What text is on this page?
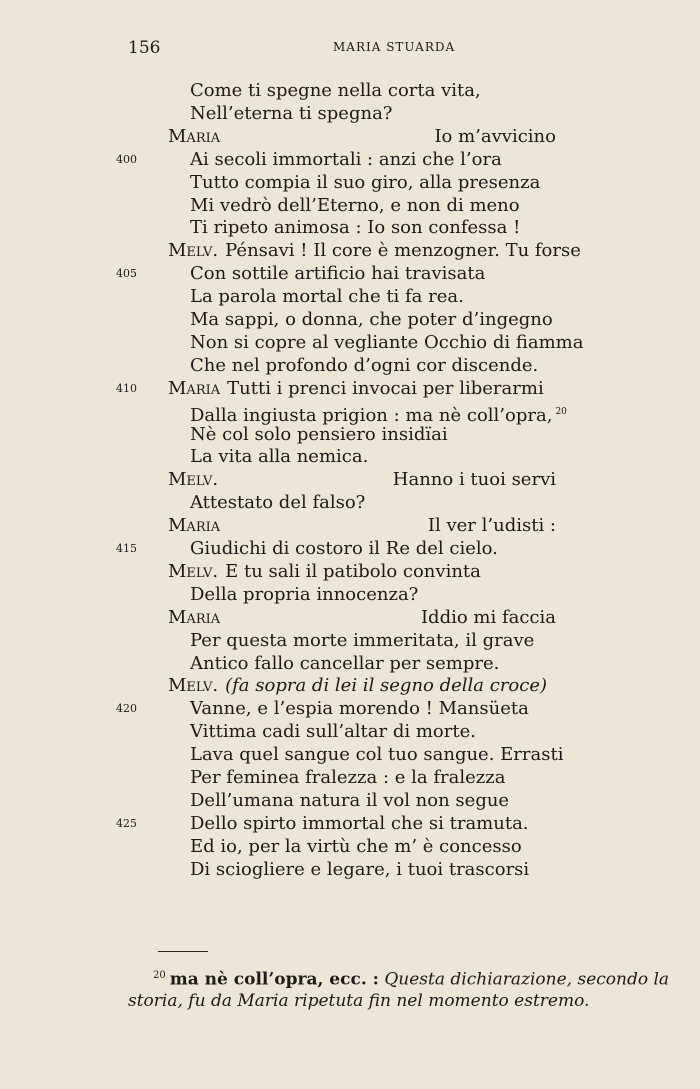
156	MARIA STUARDA
Come ti spegne nella corta vita,
Nell’eterna ti spegna?
Maria	Io m’avvicino
400	Ai secoli immortali : anzi che l’ora
Tutto compia il suo giro, alla presenza
Mi vedrò dell’Eterno, e non di meno
Ti ripeto animosa : Io son confessa !
Melv. Pénsavi ! Il core è menzogner. Tu forse
405	Con sottile artificio hai travisata
La parola mortal che ti fa rea.
Ma sappi, o donna, che poter d’ingegno
Non si copre al vegliante Occhio di fiamma
Che nel profondo d’ogni cor discende.
410 Maria Tutti i prenci invocai per liberarmi
Dalla ingiusta prigion : ma nè coll’opra, $^{20}$
Nè col solo pensiero insidïai
La vita alla nemica.
Melv.	Hanno i tuoi servi
Attestato del falso?
Maria	Il ver l’udisti :
415	Giudichi di costoro il Re del cielo.
Melv. E tu sali il patibolo convinta
Della propria innocenza?
Maria	Iddio mi faccia
Per questa morte immeritata, il grave
Antico fallo cancellar per sempre.
Melv. (fa sopra di lei il segno della croce)
420	Vanne, e l’espia morendo ! Mansüeta
Vittima cadi sull’altar di morte.
Lava quel sangue col tuo sangue. Errasti
Per feminea fralezza : e la fralezza
Dell’umana natura il vol non segue
425	Dello spirto immortal che si tramuta.
Ed io, per la virtù che m’ è concesso
Di sciogliere e legare, i tuoi trascorsi
$^{20}$ ma nè coll’opra, ecc. : Questa dichiarazione, secondo la
storia, fu da Maria ripetuta fin nel momento estremo.
